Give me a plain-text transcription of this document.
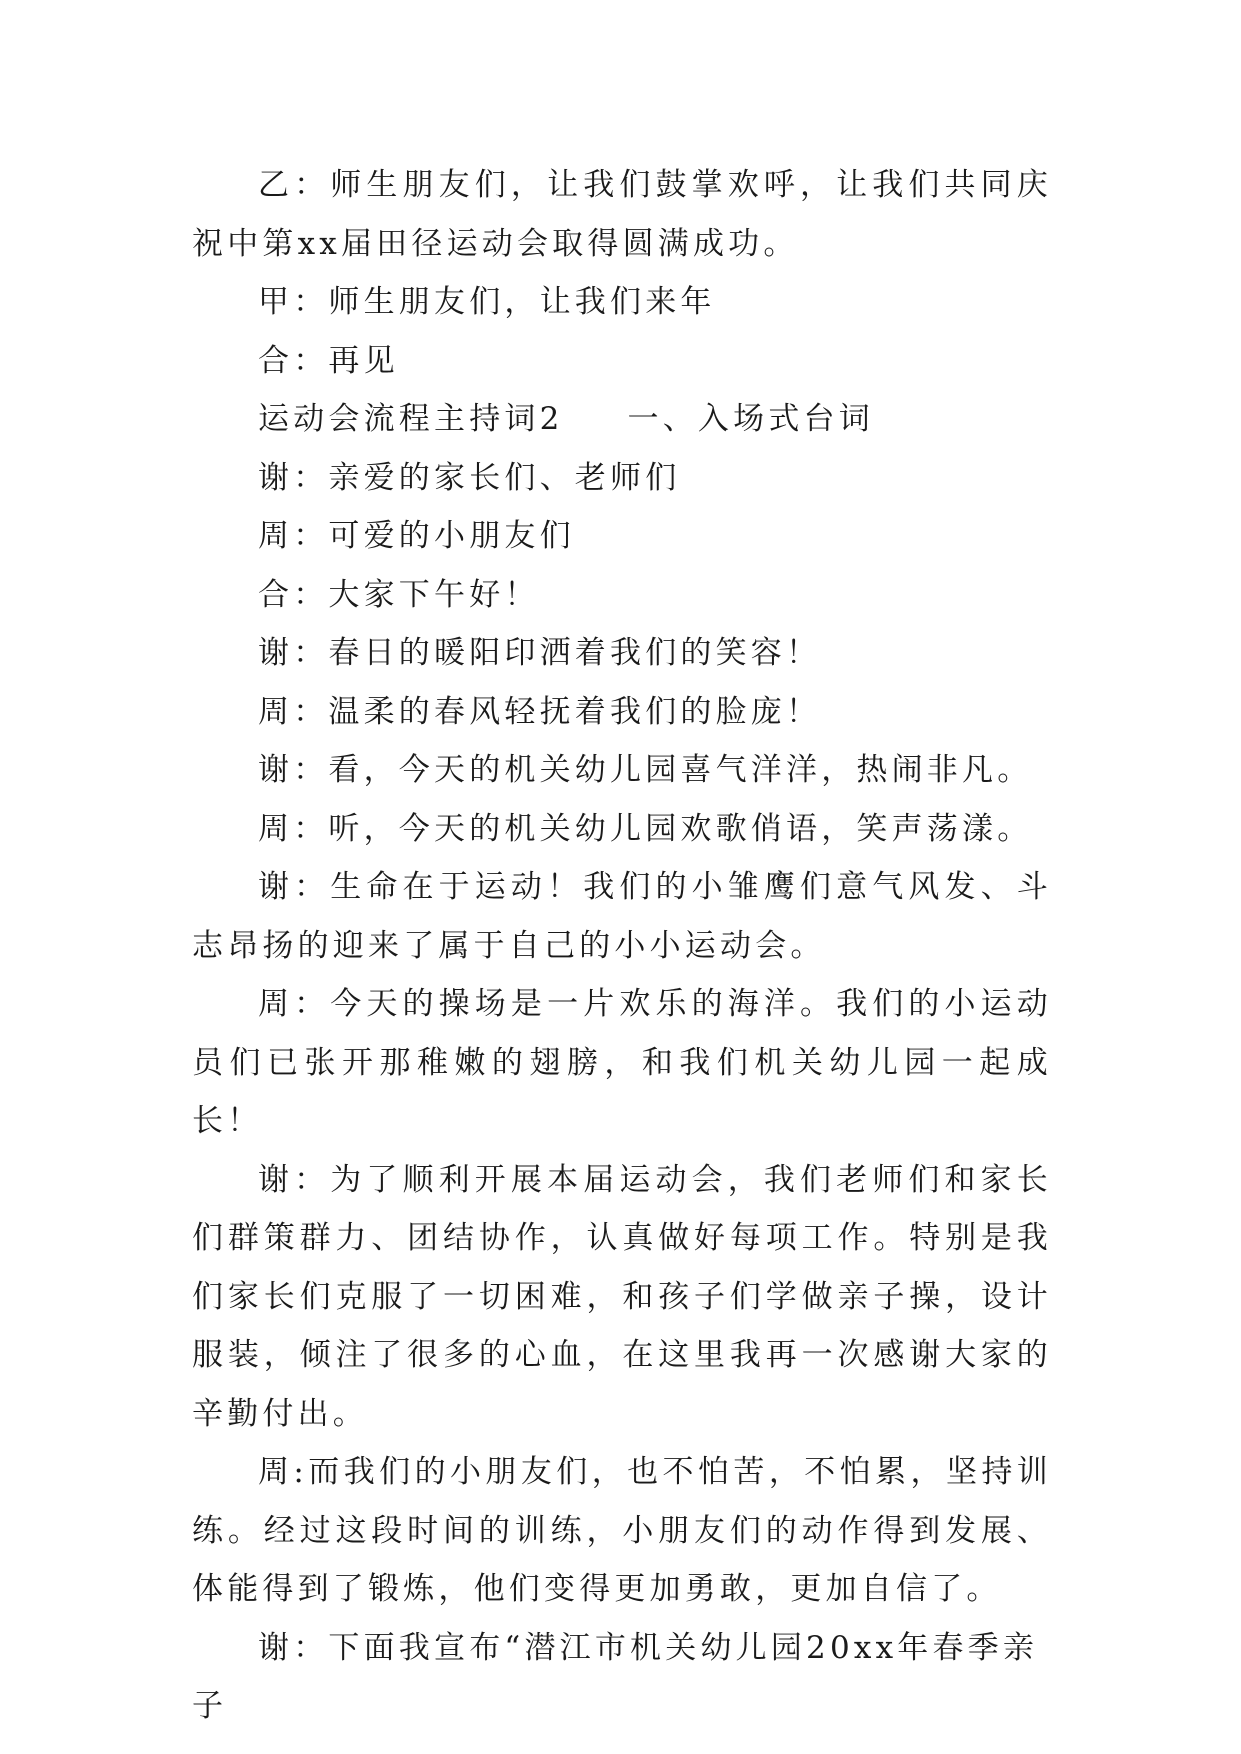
乙：师生朋友们，让我们鼓掌欢呼，让我们共同庆祝中第xx届田径运动会取得圆满成功。

甲：师生朋友们，让我们来年

合：再见

运动会流程主持词2 一、入场式台词

谢：亲爱的家长们、老师们

周：可爱的小朋友们

合：大家下午好！

谢：春日的暖阳印洒着我们的笑容！

周：温柔的春风轻抚着我们的脸庞！

谢：看，今天的机关幼儿园喜气洋洋，热闹非凡。

周：听，今天的机关幼儿园欢歌俏语，笑声荡漾。

谢：生命在于运动！我们的小雏鹰们意气风发、斗志昂扬的迎来了属于自己的小小运动会。

周：今天的操场是一片欢乐的海洋。我们的小运动员们已张开那稚嫩的翅膀，和我们机关幼儿园一起成长！

谢：为了顺利开展本届运动会，我们老师们和家长们群策群力、团结协作，认真做好每项工作。特别是我们家长们克服了一切困难，和孩子们学做亲子操，设计服装，倾注了很多的心血，在这里我再一次感谢大家的辛勤付出。

周:而我们的小朋友们，也不怕苦，不怕累，坚持训练。经过这段时间的训练，小朋友们的动作得到发展、体能得到了锻炼，他们变得更加勇敢，更加自信了。

谢：下面我宣布“潜江市机关幼儿园20xx年春季亲子
